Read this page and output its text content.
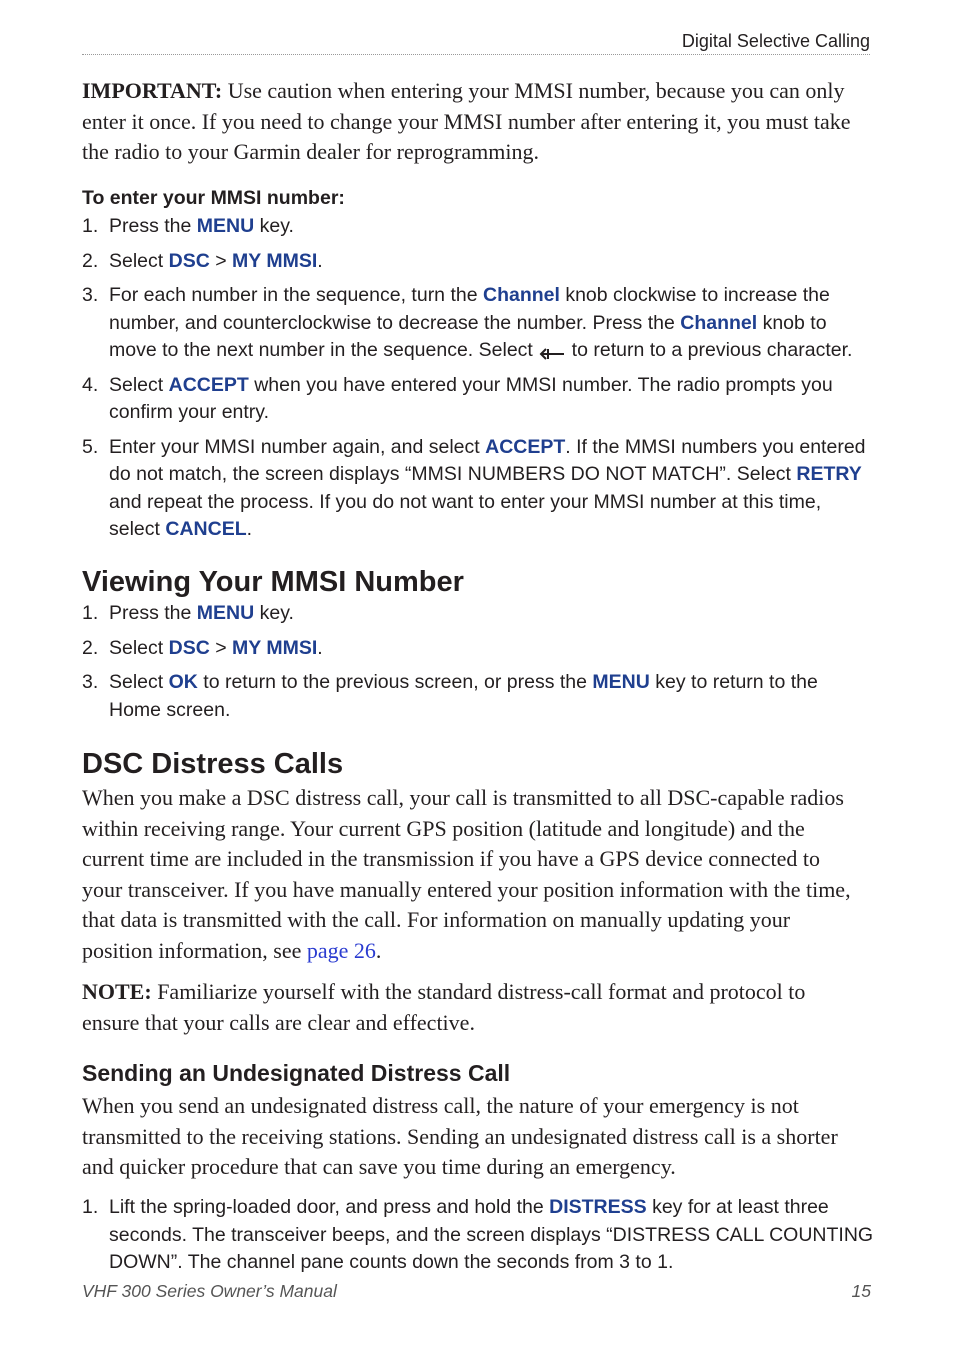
Digital Selective Calling

IMPORTANT: Use caution when entering your MMSI number, because you can only enter it once. If you need to change your MMSI number after entering it, you must take the radio to your Garmin dealer for reprogramming.

To enter your MMSI number:
1. Press the MENU key.
2. Select DSC > MY MMSI.
3. For each number in the sequence, turn the Channel knob clockwise to increase the number, and counterclockwise to decrease the number. Press the Channel knob to move to the next number in the sequence. Select  to return to a previous character.
4. Select ACCEPT when you have entered your MMSI number. The radio prompts you confirm your entry.
5. Enter your MMSI number again, and select ACCEPT. If the MMSI numbers you entered do not match, the screen displays “MMSI NUMBERS DO NOT MATCH”. Select RETRY and repeat the process. If you do not want to enter your MMSI number at this time, select CANCEL.
Viewing Your MMSI Number
1. Press the MENU key.
2. Select DSC > MY MMSI.
3. Select OK to return to the previous screen, or press the MENU key to return to the Home screen.
DSC Distress Calls

When you make a DSC distress call, your call is transmitted to all DSC-capable radios within receiving range. Your current GPS position (latitude and longitude) and the current time are included in the transmission if you have a GPS device connected to your transceiver. If you have manually entered your position information with the time, that data is transmitted with the call. For information on manually updating your position information, see page 26.

NOTE: Familiarize yourself with the standard distress-call format and protocol to ensure that your calls are clear and effective.

Sending an Undesignated Distress Call

When you send an undesignated distress call, the nature of your emergency is not transmitted to the receiving stations. Sending an undesignated distress call is a shorter and quicker procedure that can save you time during an emergency.

1. Lift the spring-loaded door, and press and hold the DISTRESS key for at least three seconds. The transceiver beeps, and the screen displays “DISTRESS CALL COUNTING DOWN”. The channel pane counts down the seconds from 3 to 1.
VHF 300 Series Owner’s Manual	15
